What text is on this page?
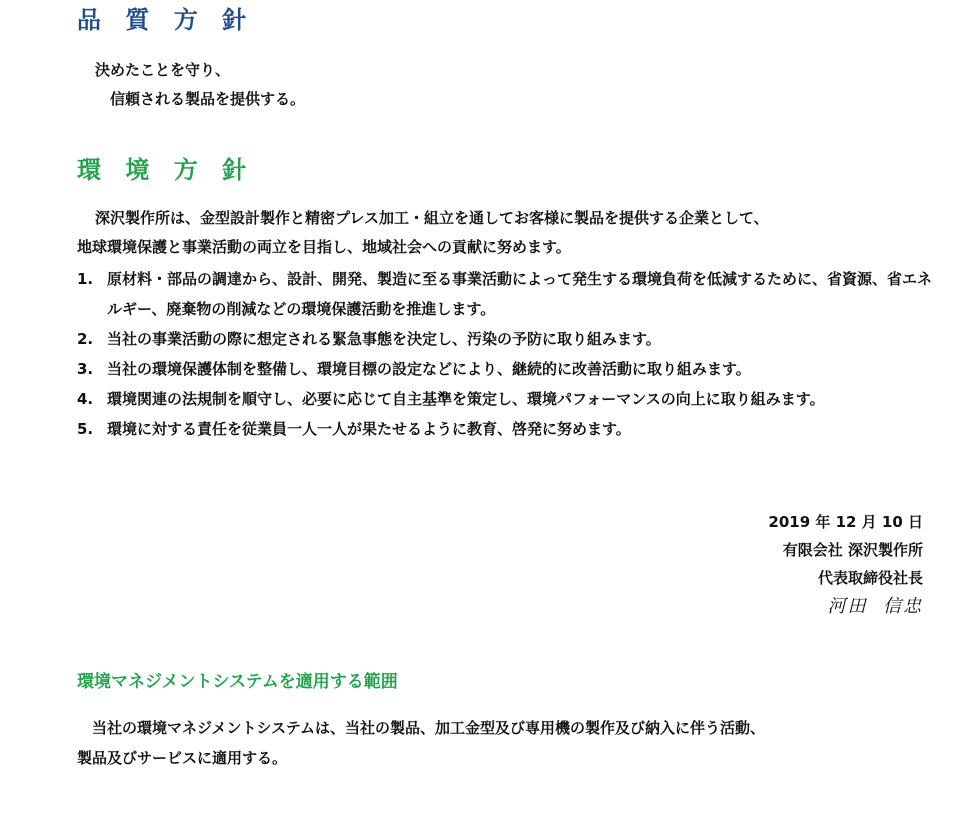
品 質 方 針

決めたことを守り、

信頼される製品を提供する。

環 境 方 針

深沢製作所は、金型設計製作と精密プレス加工・組立を通してお客様に製品を提供する企業として、

地球環境保護と事業活動の両立を目指し、地域社会への貢献に努めます。

1. 原材料・部品の調達から、設計、開発、製造に至る事業活動によって発生する環境負荷を低減するために、省資源、省エネルギー、廃棄物の削減などの環境保護活動を推進します。
2. 当社の事業活動の際に想定される緊急事態を決定し、汚染の予防に取り組みます。
3. 当社の環境保護体制を整備し、環境目標の設定などにより、継続的に改善活動に取り組みます。
4. 環境関連の法規制を順守し、必要に応じて自主基準を策定し、環境パフォーマンスの向上に取り組みます。
5. 環境に対する責任を従業員一人一人が果たせるように教育、啓発に努めます。

2019 年 12 月 10 日

有限会社 深沢製作所

代表取締役社長

河田  信忠

環境マネジメントシステムを適用する範囲

当社の環境マネジメントシステムは、当社の製品、加工金型及び専用機の製作及び納入に伴う活動、

製品及びサービスに適用する。
